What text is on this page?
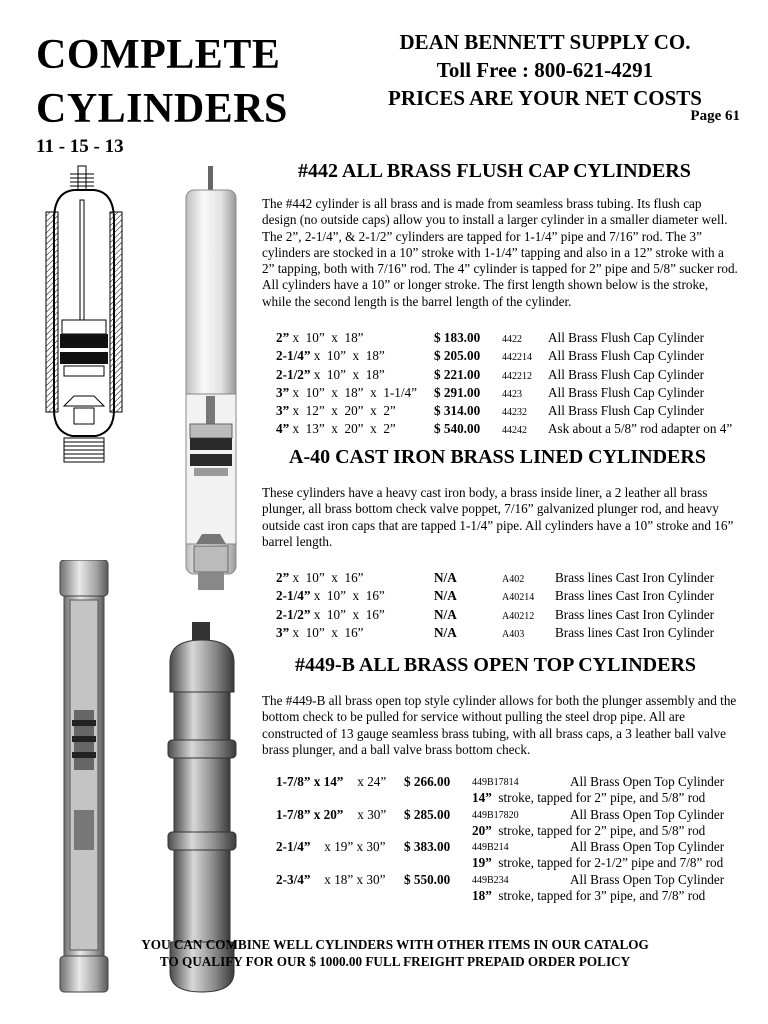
COMPLETE
CYLINDERS
11 - 15 - 13
DEAN BENNETT SUPPLY CO.
Toll Free : 800-621-4291
PRICES ARE YOUR NET COSTS
Page 61
#442 ALL BRASS FLUSH CAP CYLINDERS
The #442 cylinder is all brass and is made from seamless brass tubing. Its flush cap design (no outside caps) allow you to install a larger cylinder in a smaller diameter well. The 2”, 2-1/4”, & 2-1/2” cylinders are tapped for 1-1/4” pipe and 7/16” rod. The 3” cylinders are stocked in a 10” stroke with 1-1/4” tapping and also in a 12” stroke with a 2” tapping, both with 7/16” rod. The 4” cylinder is tapped for 2” pipe and 5/8” sucker rod. All cylinders have a 10” or longer stroke. The first length shown below is the stroke, while the second length is the barrel length of the cylinder.
2” x  10”  x  18”	$ 183.00	4422	All Brass Flush Cap Cylinder
2-1/4” x  10”  x  18”	$ 205.00	442214	All Brass Flush Cap Cylinder
2-1/2” x  10”  x  18”	$ 221.00	442212	All Brass Flush Cap Cylinder
3” x  10”  x  18”  x  1-1/4”	$ 291.00	4423	All Brass Flush Cap Cylinder
3” x  12”  x  20”  x  2”	$ 314.00	44232	All Brass Flush Cap Cylinder
4” x  13”  x  20”  x  2”	$ 540.00	44242	Ask about a 5/8” rod adapter on 4”
A-40 CAST IRON BRASS LINED CYLINDERS
These cylinders have a heavy cast iron body, a brass inside liner, a 2 leather all brass plunger, all brass bottom check valve poppet, 7/16” galvanized plunger rod, and heavy outside cast iron caps that are tapped 1-1/4” pipe. All cylinders have a 10” stroke and 16” barrel length.
2” x  10”  x  16”	N/A	A402	Brass lines Cast Iron Cylinder
2-1/4” x  10”  x  16”	N/A	A40214	Brass lines Cast Iron Cylinder
2-1/2” x  10”  x  16”	N/A	A40212	Brass lines Cast Iron Cylinder
3” x  10”  x  16”	N/A	A403	Brass lines Cast Iron Cylinder
#449-B ALL BRASS OPEN TOP CYLINDERS
The #449-B all brass open top style cylinder allows for both the plunger assembly and the bottom check to be pulled for service without pulling the steel drop pipe. All are constructed of 13 gauge seamless brass tubing, with all brass caps, a 3 leather ball valve brass plunger, and a ball valve brass bottom check.
1-7/8” x 14” x 24” $ 266.00 449B17814	All Brass Open Top Cylinder
14”  stroke, tapped for 2” pipe, and 5/8” rod
1-7/8” x 20” x 30” $ 285.00 449B17820	All Brass Open Top Cylinder
20”  stroke, tapped for 2” pipe, and 5/8” rod
2-1/4” x 19” x 30” $ 383.00 449B214	All Brass Open Top Cylinder
19”  stroke, tapped for 2-1/2” pipe and 7/8” rod
2-3/4” x 18” x 30” $ 550.00 449B234	All Brass Open Top Cylinder
18”  stroke, tapped for 3” pipe, and 7/8” rod
YOU CAN COMBINE WELL CYLINDERS WITH OTHER ITEMS IN OUR CATALOG
TO QUALIFY FOR OUR $ 1000.00 FULL FREIGHT PREPAID ORDER POLICY
